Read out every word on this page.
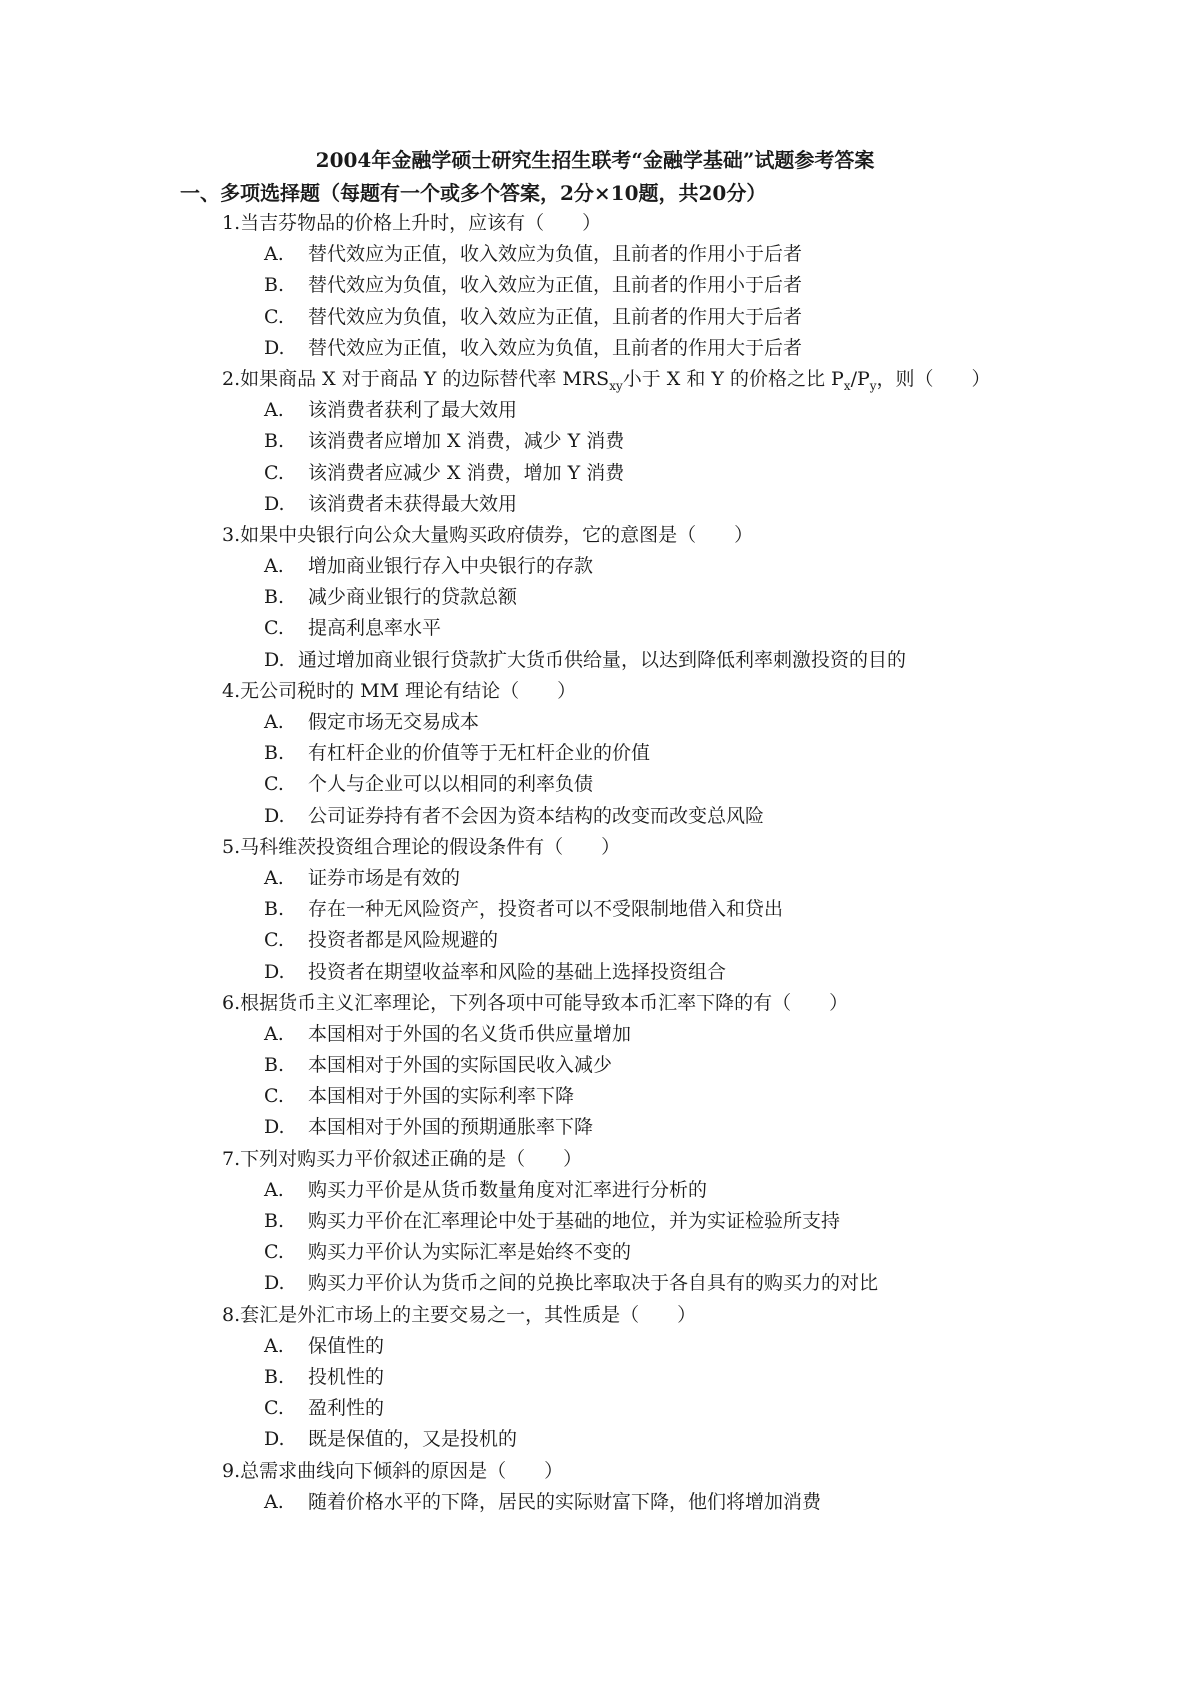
2004年金融学硕士研究生招生联考“金融学基础”试题参考答案
一、多项选择题（每题有一个或多个答案，2分×10题，共20分）
1.当吉芬物品的价格上升时，应该有（　　）
A. 替代效应为正值，收入效应为负值，且前者的作用小于后者
B. 替代效应为负值，收入效应为正值，且前者的作用小于后者
C. 替代效应为负值，收入效应为正值，且前者的作用大于后者
D. 替代效应为正值，收入效应为负值，且前者的作用大于后者
2.如果商品 X 对于商品 Y 的边际替代率 $MRS_{xy}$小于 X 和 Y 的价格之比 $P_x/P_y$，则（　　）
A. 该消费者获利了最大效用
B. 该消费者应增加 X 消费，减少 Y 消费
C. 该消费者应减少 X 消费，增加 Y 消费
D. 该消费者未获得最大效用
3.如果中央银行向公众大量购买政府债券，它的意图是（　　）
A. 增加商业银行存入中央银行的存款
B. 减少商业银行的贷款总额
C. 提高利息率水平
D. 通过增加商业银行贷款扩大货币供给量，以达到降低利率刺激投资的目的
4.无公司税时的 MM 理论有结论（　　）
A. 假定市场无交易成本
B. 有杠杆企业的价值等于无杠杆企业的价值
C. 个人与企业可以以相同的利率负债
D. 公司证券持有者不会因为资本结构的改变而改变总风险
5.马科维茨投资组合理论的假设条件有（　　）
A. 证券市场是有效的
B. 存在一种无风险资产，投资者可以不受限制地借入和贷出
C. 投资者都是风险规避的
D. 投资者在期望收益率和风险的基础上选择投资组合
6.根据货币主义汇率理论，下列各项中可能导致本币汇率下降的有（　　）
A. 本国相对于外国的名义货币供应量增加
B. 本国相对于外国的实际国民收入减少
C. 本国相对于外国的实际利率下降
D. 本国相对于外国的预期通胀率下降
7.下列对购买力平价叙述正确的是（　　）
A. 购买力平价是从货币数量角度对汇率进行分析的
B. 购买力平价在汇率理论中处于基础的地位，并为实证检验所支持
C. 购买力平价认为实际汇率是始终不变的
D. 购买力平价认为货币之间的兑换比率取决于各自具有的购买力的对比
8.套汇是外汇市场上的主要交易之一，其性质是（　　）
A. 保值性的
B. 投机性的
C. 盈利性的
D. 既是保值的，又是投机的
9.总需求曲线向下倾斜的原因是（　　）
A. 随着价格水平的下降，居民的实际财富下降，他们将增加消费
